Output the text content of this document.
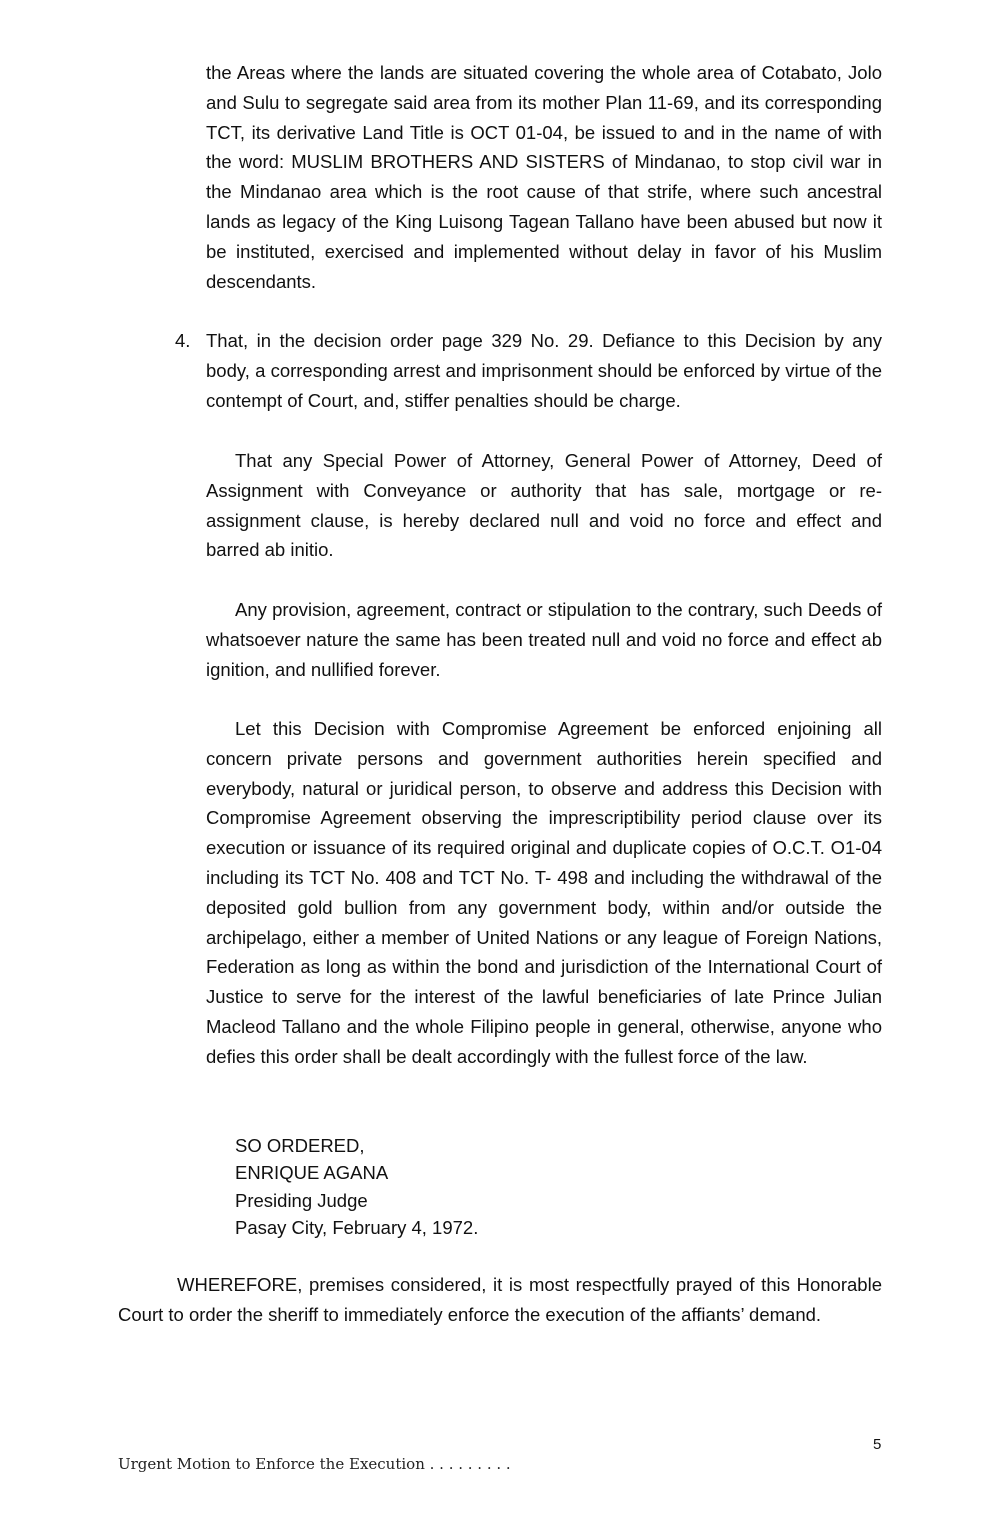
the Areas where the lands are situated covering the whole area of Cotabato, Jolo and Sulu to segregate said area from its mother Plan 11-69, and its corresponding TCT, its derivative Land Title is OCT 01-04, be issued to and in the name of with the word: MUSLIM BROTHERS AND SISTERS of Mindanao, to stop civil war in the Mindanao area which is the root cause of that strife, where such ancestral lands as legacy of the King Luisong Tagean Tallano have been abused but now it be instituted, exercised and implemented without delay in favor of his Muslim descendants.

4. That, in the decision order page 329 No. 29. Defiance to this Decision by any body, a corresponding arrest and imprisonment should be enforced by virtue of the contempt of Court, and, stiffer penalties should be charge.

That any Special Power of Attorney, General Power of Attorney, Deed of Assignment with Conveyance or authority that has sale, mortgage or re-assignment clause, is hereby declared null and void no force and effect and barred ab initio.

Any provision, agreement, contract or stipulation to the contrary, such Deeds of whatsoever nature the same has been treated null and void no force and effect ab ignition, and nullified forever.

Let this Decision with Compromise Agreement be enforced enjoining all concern private persons and government authorities herein specified and everybody, natural or juridical person, to observe and address this Decision with Compromise Agreement observing the imprescriptibility period clause over its execution or issuance of its required original and duplicate copies of O.C.T. O1-04 including its TCT No. 408 and TCT No. T- 498 and including the withdrawal of the deposited gold bullion from any government body, within and/or outside the archipelago, either a member of United Nations or any league of Foreign Nations, Federation as long as within the bond and jurisdiction of the International Court of Justice to serve for the interest of the lawful beneficiaries of late Prince Julian Macleod Tallano and the whole Filipino people in general, otherwise, anyone who defies this order shall be dealt accordingly with the fullest force of the law.

SO ORDERED,
ENRIQUE AGANA
Presiding Judge
Pasay City, February 4, 1972.

WHEREFORE, premises considered, it is most respectfully prayed of this Honorable Court to order the sheriff to immediately enforce the execution of the affiants’ demand.

5
Urgent Motion to Enforce the Execution . . . . . . . . .
